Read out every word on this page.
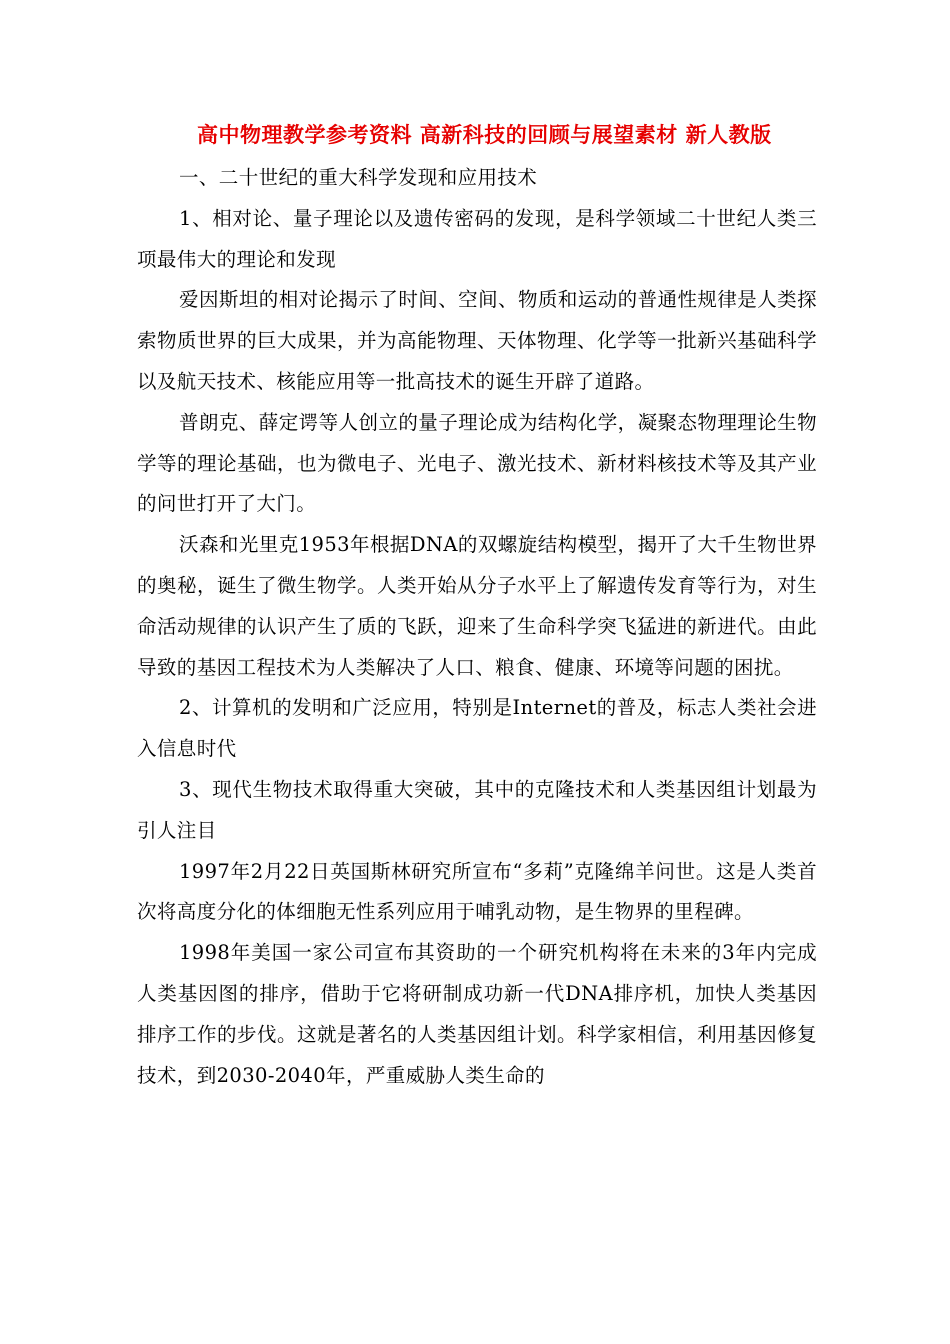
高中物理教学参考资料 高新科技的回顾与展望素材 新人教版

一、二十世纪的重大科学发现和应用技术

1、相对论、量子理论以及遗传密码的发现，是科学领域二十世纪人类三项最伟大的理论和发现

爱因斯坦的相对论揭示了时间、空间、物质和运动的普通性规律是人类探索物质世界的巨大成果，并为高能物理、天体物理、化学等一批新兴基础科学以及航天技术、核能应用等一批高技术的诞生开辟了道路。

普朗克、薛定谔等人创立的量子理论成为结构化学，凝聚态物理理论生物学等的理论基础，也为微电子、光电子、激光技术、新材料核技术等及其产业的问世打开了大门。

沃森和光里克1953年根据DNA的双螺旋结构模型，揭开了大千生物世界的奥秘，诞生了微生物学。人类开始从分子水平上了解遗传发育等行为，对生命活动规律的认识产生了质的飞跃，迎来了生命科学突飞猛进的新进代。由此导致的基因工程技术为人类解决了人口、粮食、健康、环境等问题的困扰。

2、计算机的发明和广泛应用，特别是Internet的普及，标志人类社会进入信息时代

3、现代生物技术取得重大突破，其中的克隆技术和人类基因组计划最为引人注目

1997年2月22日英国斯林研究所宣布“多莉”克隆绵羊问世。这是人类首次将高度分化的体细胞无性系列应用于哺乳动物，是生物界的里程碑。

1998年美国一家公司宣布其资助的一个研究机构将在未来的3年内完成人类基因图的排序，借助于它将研制成功新一代DNA排序机，加快人类基因排序工作的步伐。这就是著名的人类基因组计划。科学家相信，利用基因修复技术，到2030-2040年，严重威胁人类生命的
